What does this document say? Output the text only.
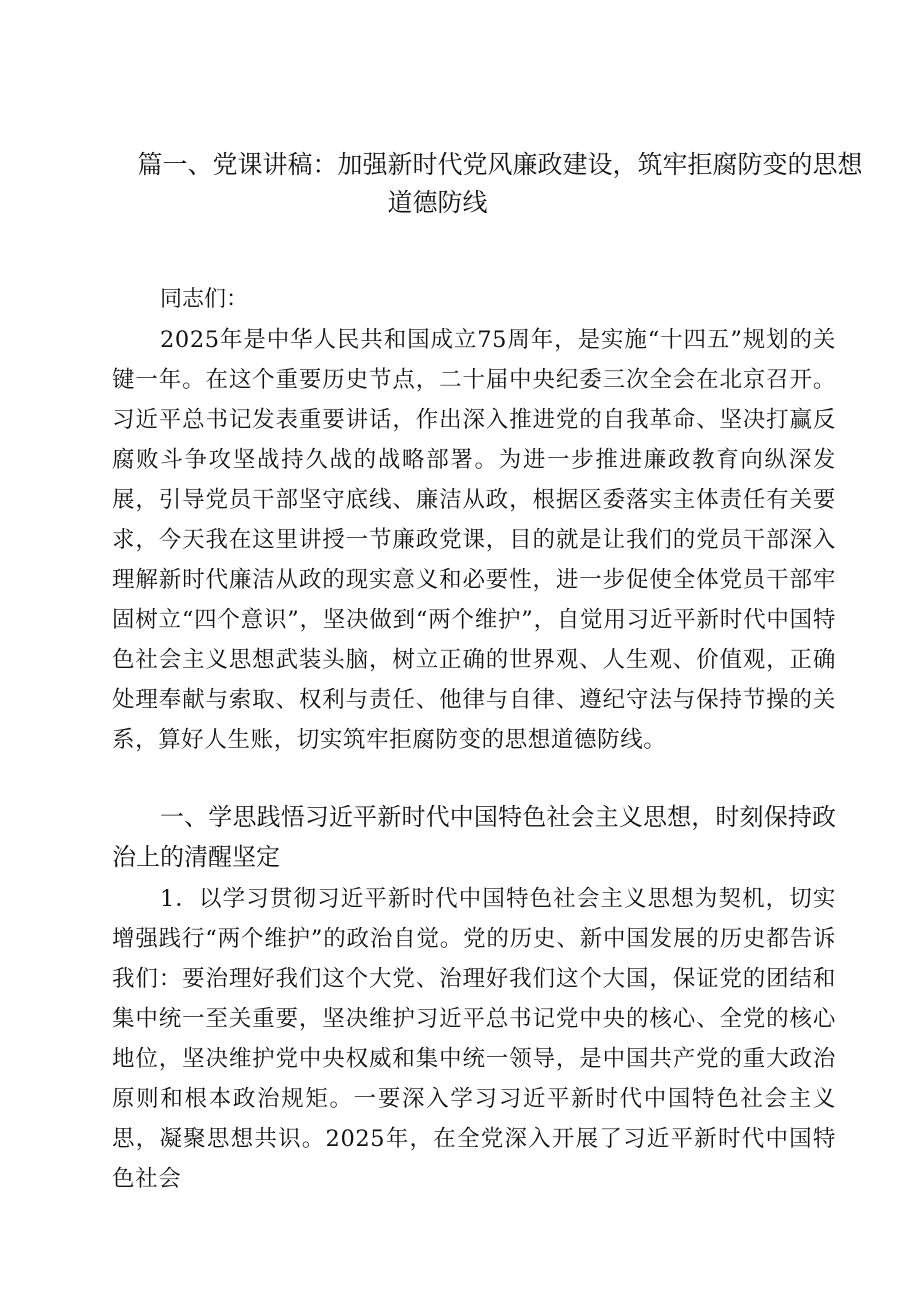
篇一、党课讲稿：加强新时代党风廉政建设，筑牢拒腐防变的思想
道德防线

同志们：

2025年是中华人民共和国成立75周年，是实施“十四五”规划的关键一年。在这个重要历史节点，二十届中央纪委三次全会在北京召开。习近平总书记发表重要讲话，作出深入推进党的自我革命、坚决打赢反腐败斗争攻坚战持久战的战略部署。为进一步推进廉政教育向纵深发展，引导党员干部坚守底线、廉洁从政，根据区委落实主体责任有关要求，今天我在这里讲授一节廉政党课，目的就是让我们的党员干部深入理解新时代廉洁从政的现实意义和必要性，进一步促使全体党员干部牢固树立“四个意识”，坚决做到“两个维护”，自觉用习近平新时代中国特色社会主义思想武装头脑，树立正确的世界观、人生观、价值观，正确处理奉献与索取、权利与责任、他律与自律、遵纪守法与保持节操的关系，算好人生账，切实筑牢拒腐防变的思想道德防线。

一、学思践悟习近平新时代中国特色社会主义思想，时刻保持政治上的清醒坚定

1．以学习贯彻习近平新时代中国特色社会主义思想为契机，切实增强践行“两个维护”的政治自觉。党的历史、新中国发展的历史都告诉我们：要治理好我们这个大党、治理好我们这个大国，保证党的团结和集中统一至关重要，坚决维护习近平总书记党中央的核心、全党的核心地位，坚决维护党中央权威和集中统一领导，是中国共产党的重大政治原则和根本政治规矩。一要深入学习习近平新时代中国特色社会主义思，凝聚思想共识。2025年，在全党深入开展了习近平新时代中国特色社会
